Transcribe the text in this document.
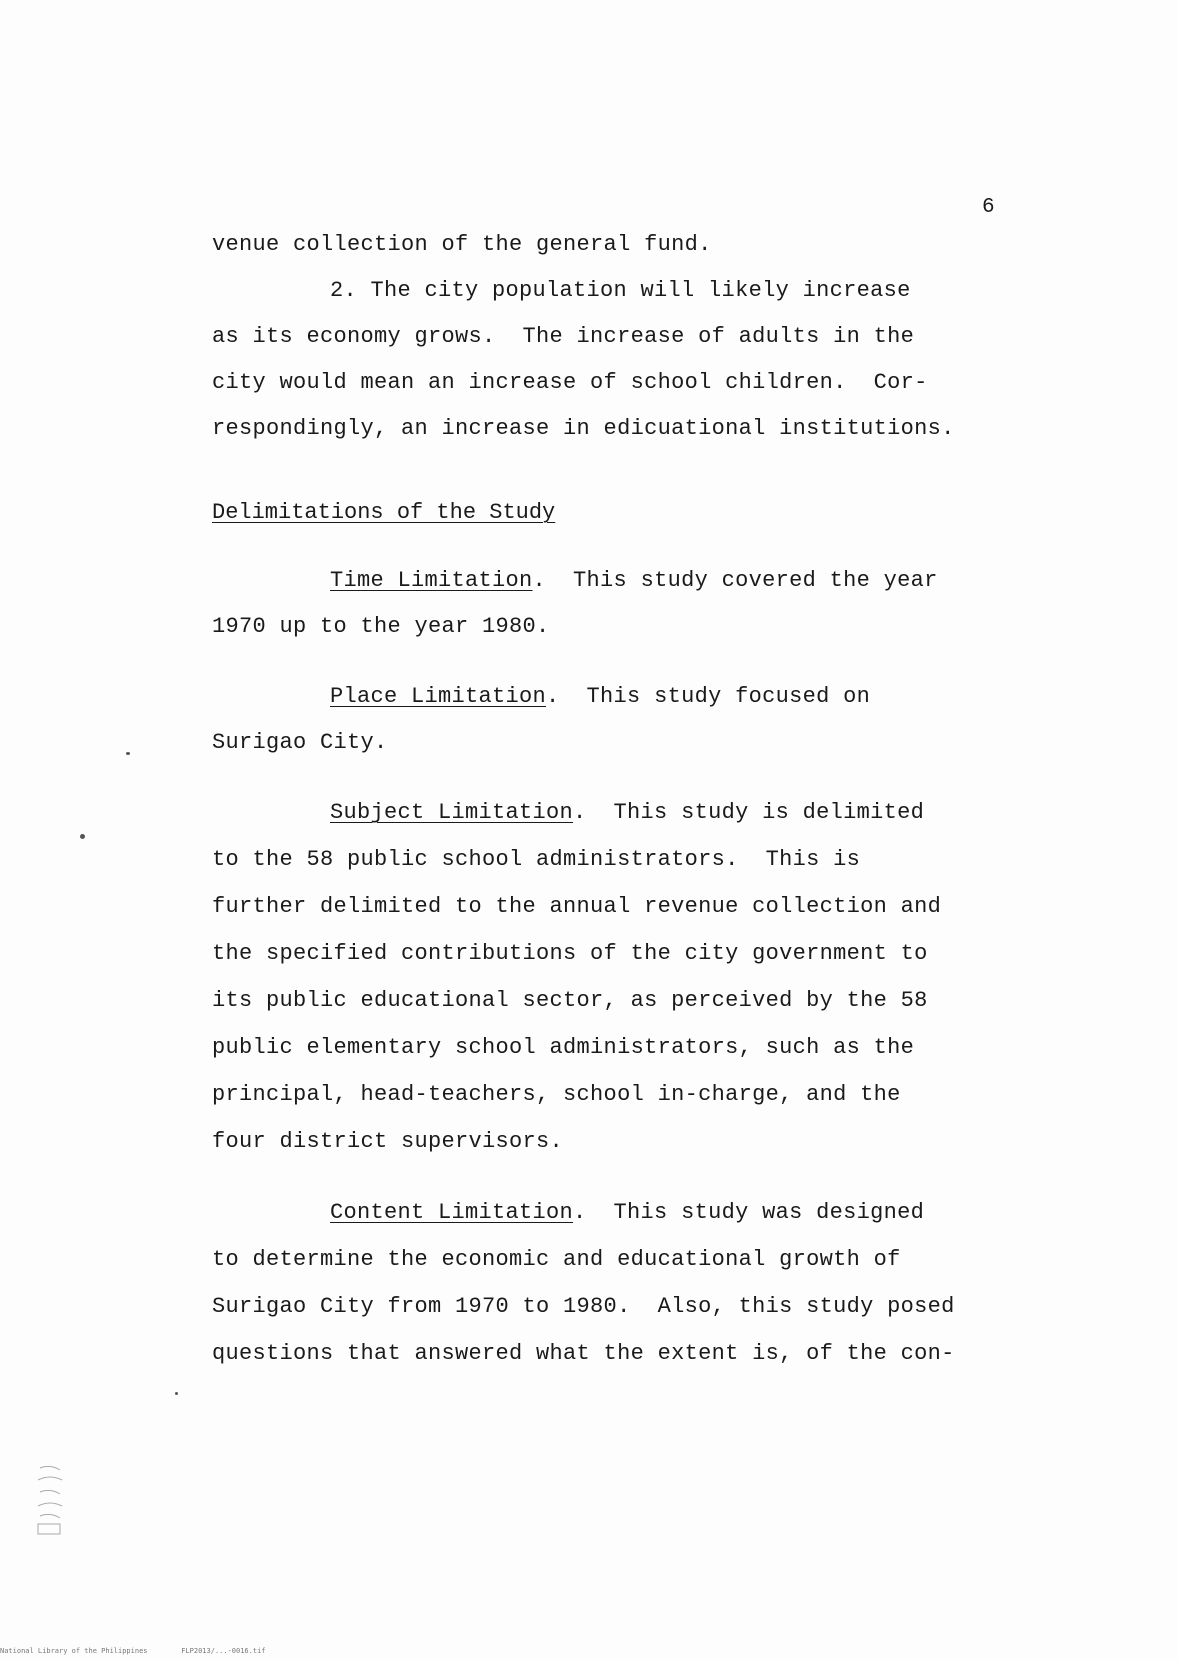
6
venue collection of the general fund.
2. The city population will likely increase
as its economy grows.  The increase of adults in the
city would mean an increase of school children.  Cor-
respondingly, an increase in edicuational institutions.
Delimitations of the Study
Time Limitation.  This study covered the year
1970 up to the year 1980.
Place Limitation.  This study focused on
Surigao City.
Subject Limitation.  This study is delimited
to the 58 public school administrators.  This is
further delimited to the annual revenue collection and
the specified contributions of the city government to
its public educational sector, as perceived by the 58
public elementary school administrators, such as the
principal, head-teachers, school in-charge, and the
four district supervisors.
Content Limitation.  This study was designed
to determine the economic and educational growth of
Surigao City from 1970 to 1980.  Also, this study posed
questions that answered what the extent is, of the con-
National Library of the Philippines        FLP2013/...-0016.tif
